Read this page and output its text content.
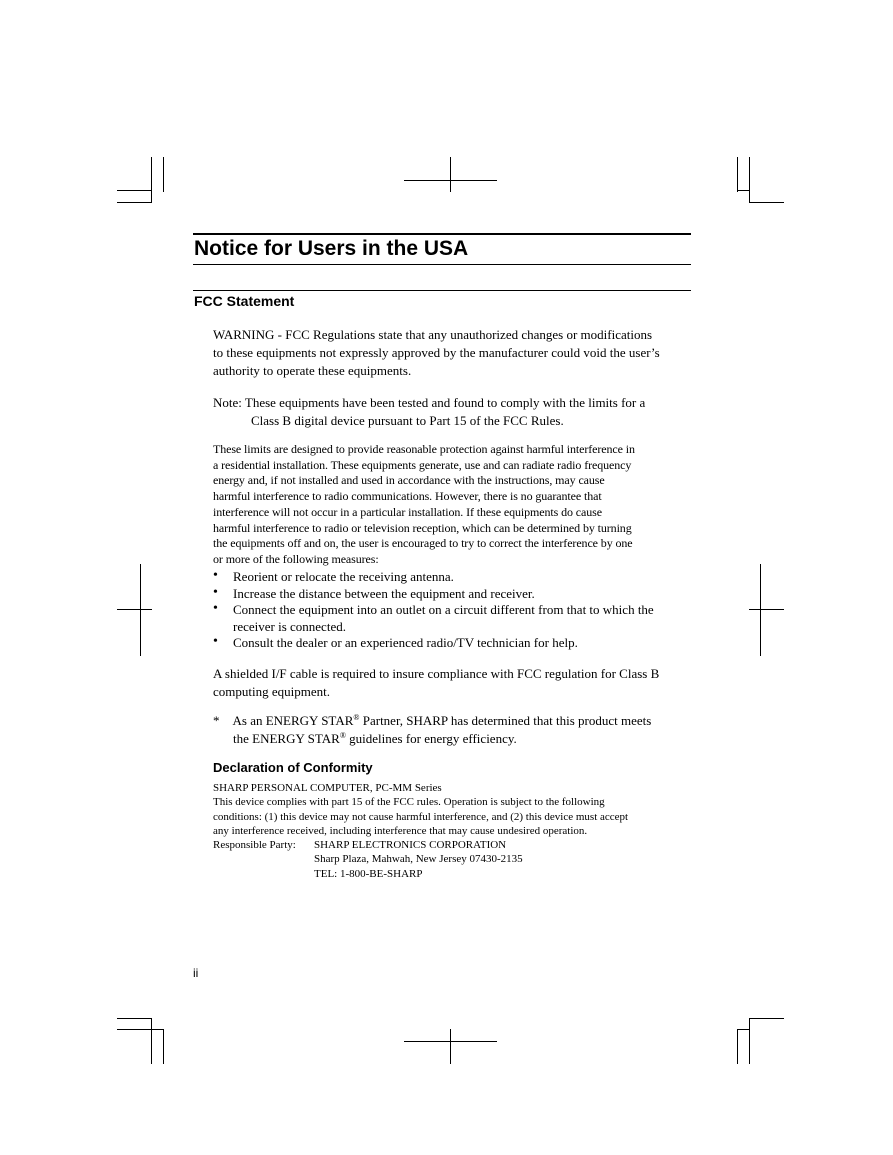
Notice for Users in the USA
FCC Statement
WARNING - FCC Regulations state that any unauthorized changes or modifications
to these equipments not expressly approved by the manufacturer could void the user’s
authority to operate these equipments.
Note: These equipments have been tested and found to comply with the limits for a
Class B digital device pursuant to Part 15 of the FCC Rules.
These limits are designed to provide reasonable protection against harmful interference in
a residential installation. These equipments generate, use and can radiate radio frequency
energy and, if not installed and used in accordance with the instructions, may cause
harmful interference to radio communications. However, there is no guarantee that
interference will not occur in a particular installation. If these equipments do cause
harmful interference to radio or television reception, which can be determined by turning
the equipments off and on, the user is encouraged to try to correct the interference by one
or more of the following measures:
• Reorient or relocate the receiving antenna.
• Increase the distance between the equipment and receiver.
• Connect the equipment into an outlet on a circuit different from that to which the
receiver is connected.
• Consult the dealer or an experienced radio/TV technician for help.
A shielded I/F cable is required to insure compliance with FCC regulation for Class B
computing equipment.
* As an ENERGY STAR® Partner, SHARP has determined that this product meets
the ENERGY STAR® guidelines for energy efficiency.
Declaration of Conformity
SHARP PERSONAL COMPUTER, PC-MM Series
This device complies with part 15 of the FCC rules. Operation is subject to the following
conditions: (1) this device may not cause harmful interference, and (2) this device must accept
any interference received, including interference that may cause undesired operation.
Responsible Party: SHARP ELECTRONICS CORPORATION
Sharp Plaza, Mahwah, New Jersey 07430-2135
TEL: 1-800-BE-SHARP
ii
